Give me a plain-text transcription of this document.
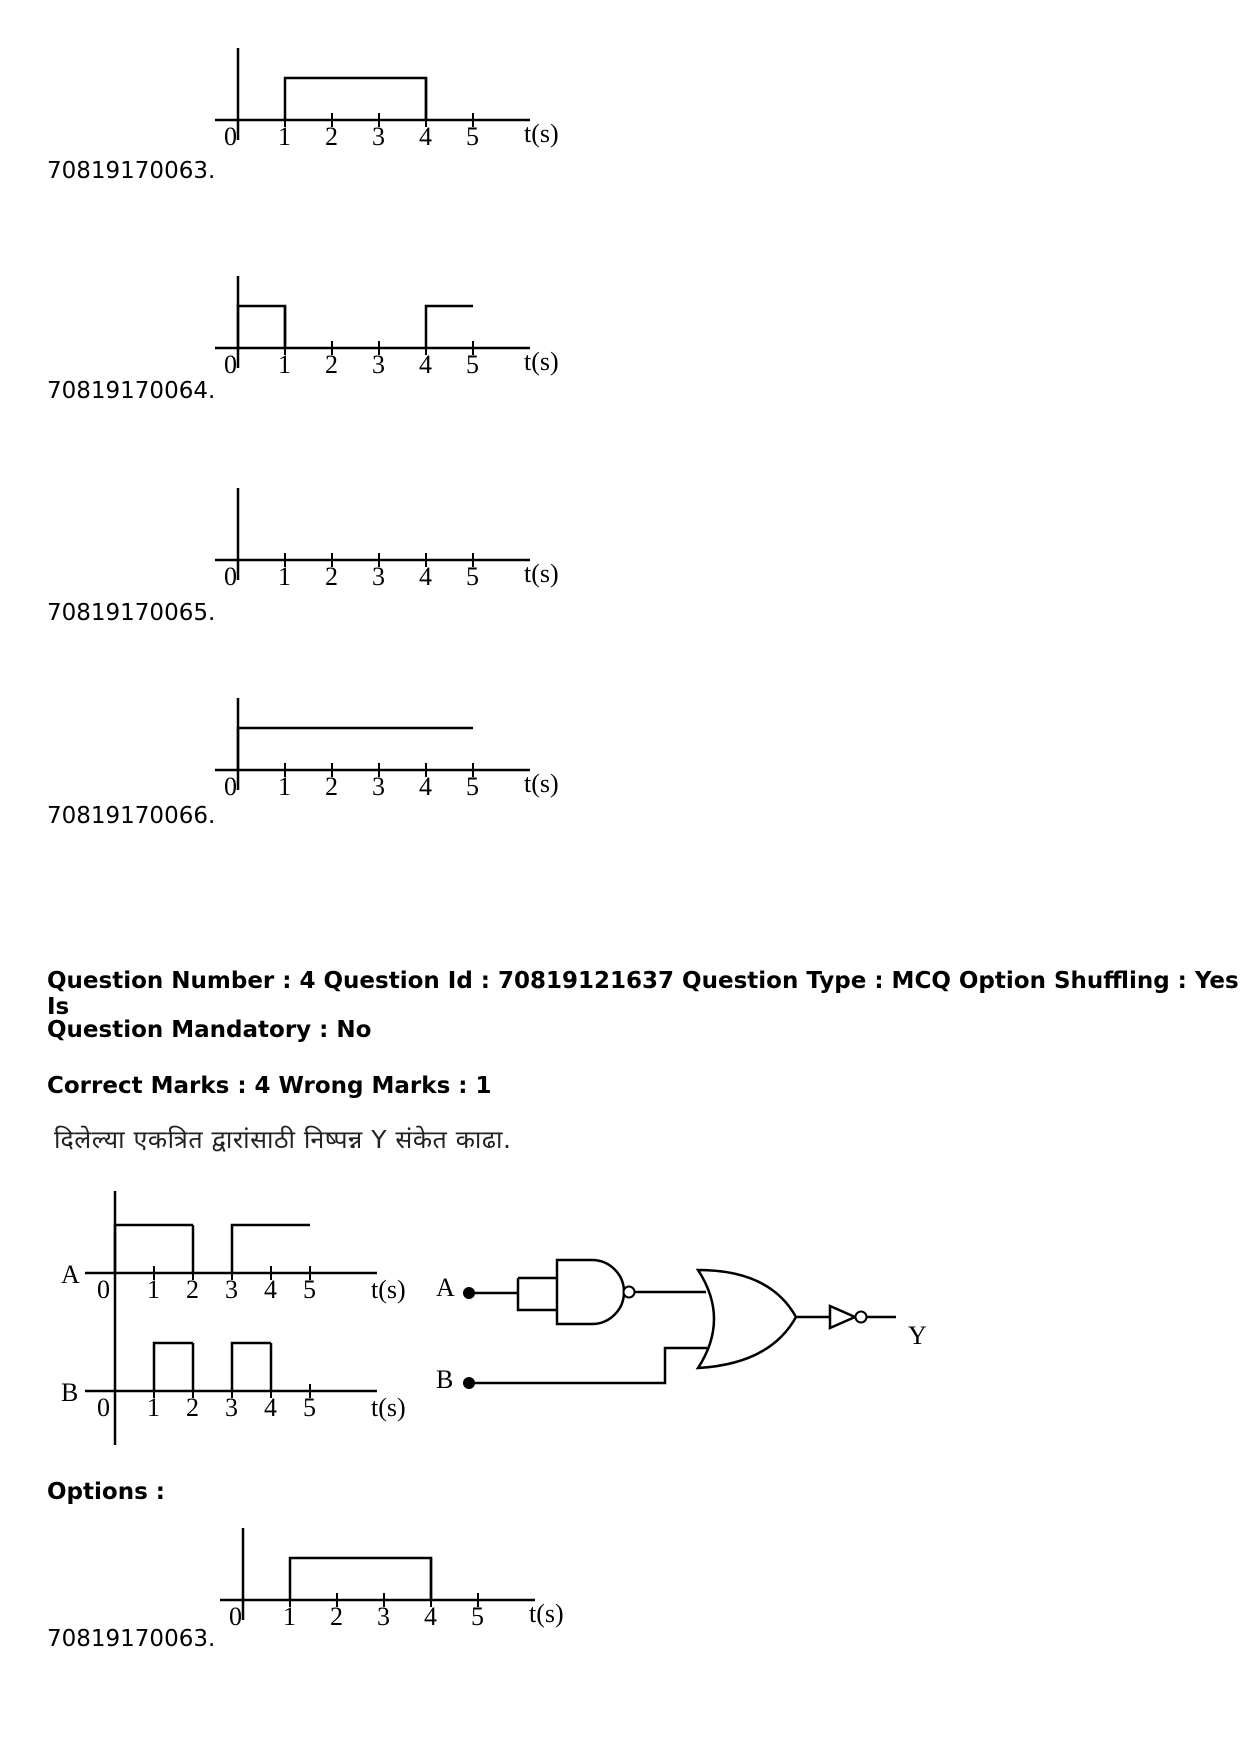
70819170063.
0 1 2 3 4 5 t(s)
70819170064.
0 1 2 3 4 5 t(s)
70819170065.
0 1 2 3 4 5 t(s)
70819170066.
0 1 2 3 4 5 t(s)
Question Number : 4 Question Id : 70819121637 Question Type : MCQ Option Shuffling : Yes Is
Question Mandatory : No
Correct Marks : 4 Wrong Marks : 1
दिलेल्या एकत्रित द्वारांसाठी निष्पन्न Y संकेत काढा.
A
0 1 2 3 4 5 t(s)
B
0 1 2 3 4 5 t(s)
A
B
Y
Options :
70819170063.
0 1 2 3 4 5 t(s)
